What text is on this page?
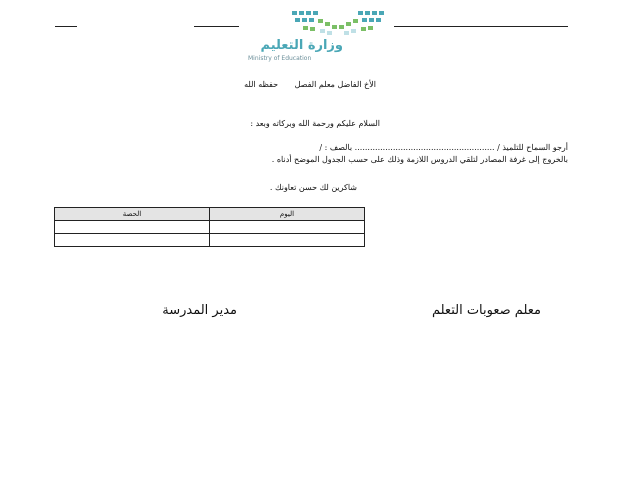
وزارة التعليم
Ministry of Education
الأخ الفاضل معلم الفصل حفظه الله
السلام عليكم ورحمة الله وبركاته وبعد :
أرجو السماح للتلميذ / ....................................................... بالصف : /
بالخروج إلى غرفة المصادر لتلقي الدروس اللازمة وذلك على حسب الجدول الموضح أدناه .
شاكرين لك حسن تعاونك .
الحصة	اليوم

معلم صعوبات التعلم
مدير المدرسة
